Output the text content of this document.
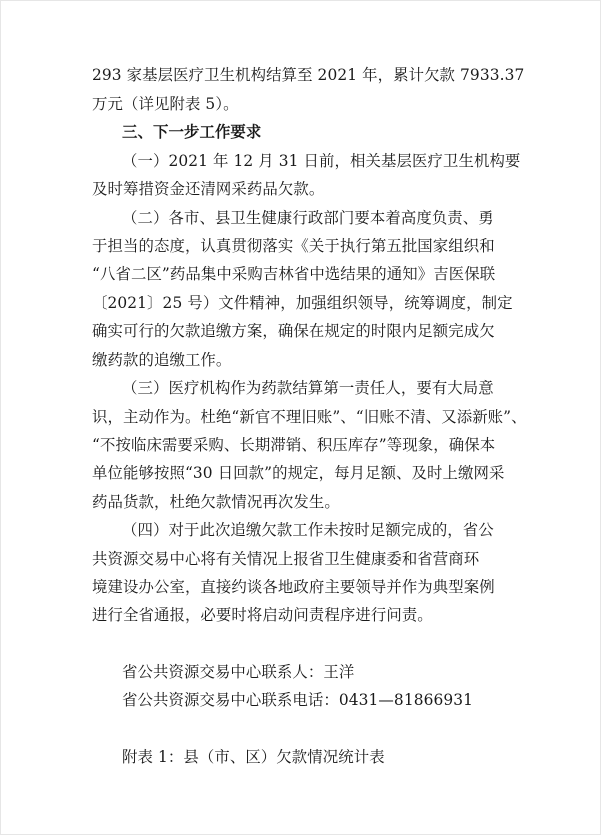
293 家基层医疗卫生机构结算至 2021 年，累计欠款 7933.37
万元（详见附表 5）。
三、下一步工作要求
（一）2021 年 12 月 31 日前，相关基层医疗卫生机构要
及时筹措资金还清网采药品欠款。
（二）各市、县卫生健康行政部门要本着高度负责、勇
于担当的态度，认真贯彻落实《关于执行第五批国家组织和
“八省二区”药品集中采购吉林省中选结果的通知》吉医保联
〔2021〕25 号）文件精神，加强组织领导，统筹调度，制定
确实可行的欠款追缴方案，确保在规定的时限内足额完成欠
缴药款的追缴工作。
（三）医疗机构作为药款结算第一责任人，要有大局意
识，主动作为。杜绝“新官不理旧账”、“旧账不清、又添新账”、
“不按临床需要采购、长期滞销、积压库存”等现象，确保本
单位能够按照“30 日回款”的规定，每月足额、及时上缴网采
药品货款，杜绝欠款情况再次发生。
（四）对于此次追缴欠款工作未按时足额完成的，省公
共资源交易中心将有关情况上报省卫生健康委和省营商环
境建设办公室，直接约谈各地政府主要领导并作为典型案例
进行全省通报，必要时将启动问责程序进行问责。
省公共资源交易中心联系人：王洋
省公共资源交易中心联系电话：0431—81866931
附表 1：县（市、区）欠款情况统计表
